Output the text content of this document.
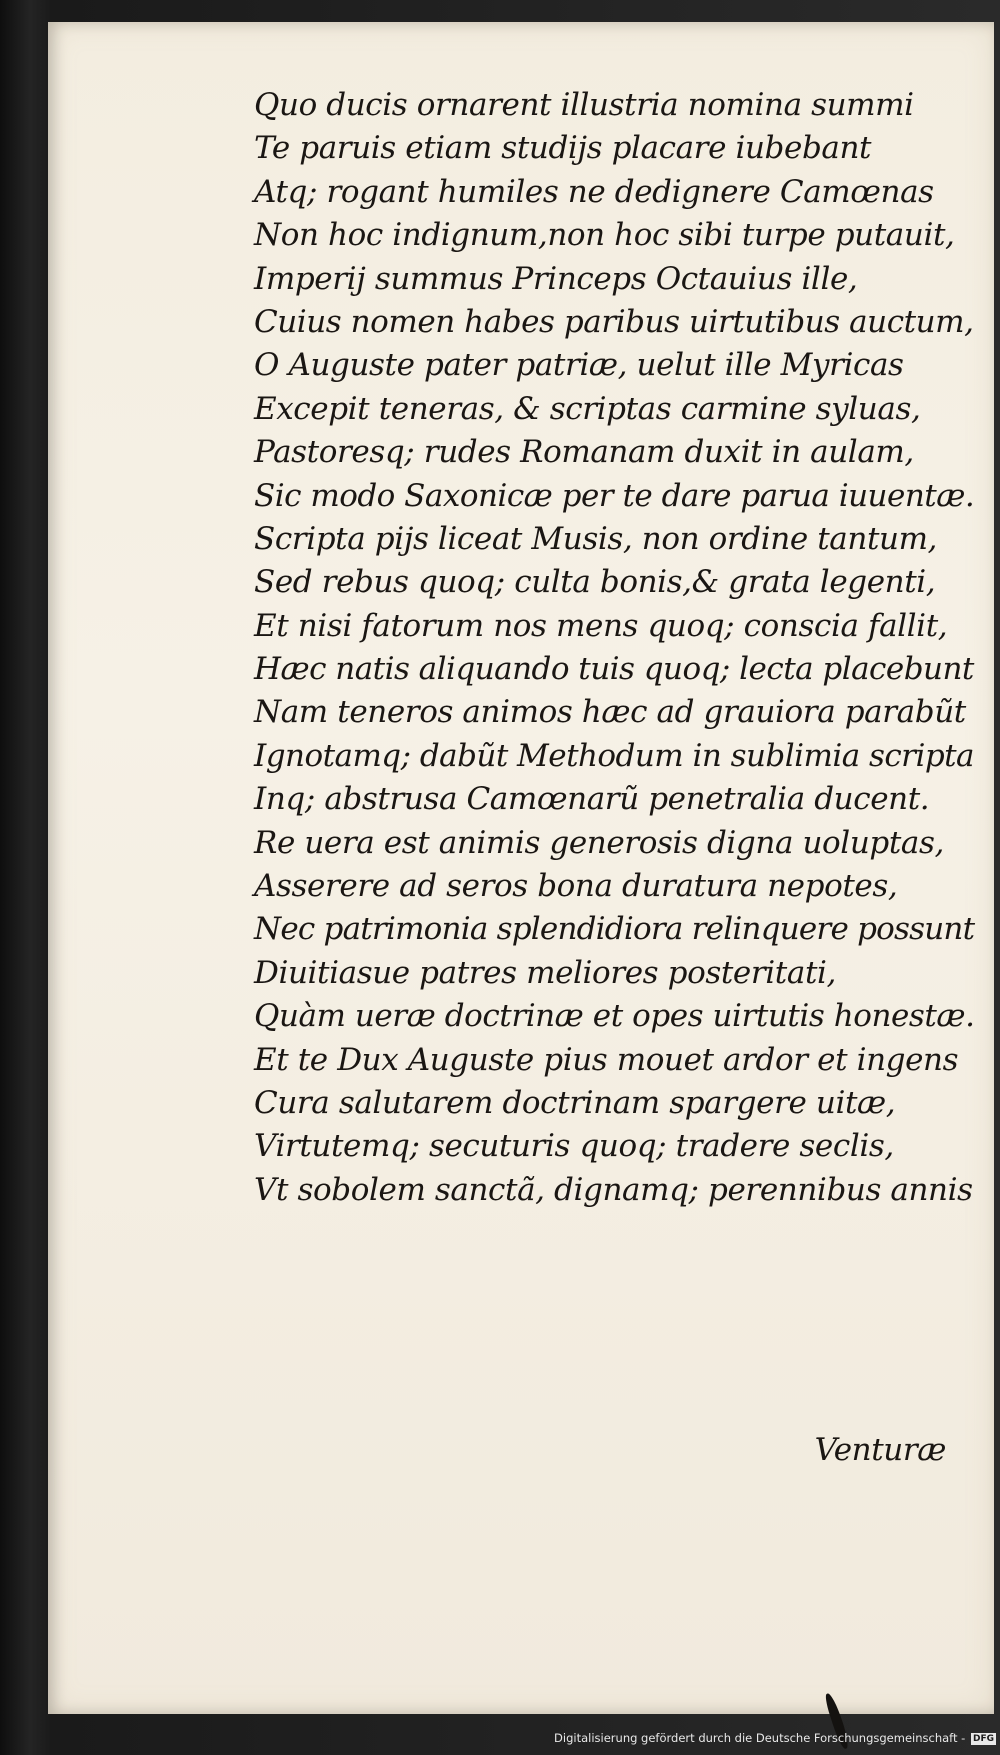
Quo ducis ornarent illustria nomina summi
Te paruis etiam studijs placare iubebant
Atq; rogant humiles ne dedignere Camœnas
Non hoc indignum,non hoc sibi turpe putauit,
Imperij summus Princeps Octauius ille,
Cuius nomen habes paribus uirtutibus auctum,
O Auguste pater patriæ, uelut ille Myricas
Excepit teneras, & scriptas carmine syluas,
Pastoresq; rudes Romanam duxit in aulam,
Sic modo Saxonicæ per te dare parua iuuentæ.
Scripta pijs liceat Musis, non ordine tantum,
Sed rebus quoq; culta bonis,& grata legenti,
Et nisi fatorum nos mens quoq; conscia fallit,
Hæc natis aliquando tuis quoq; lecta placebunt
Nam teneros animos hæc ad grauiora parabũt
Ignotamq; dabũt Methodum in sublimia scripta
Inq; abstrusa Camœnarũ penetralia ducent.
Re uera est animis generosis digna uoluptas,
Asserere ad seros bona duratura nepotes,
Nec patrimonia splendidiora relinquere possunt
Diuitiasue patres meliores posteritati,
Quàm ueræ doctrinæ et opes uirtutis honestæ.
Et te Dux Auguste pius mouet ardor et ingens
Cura salutarem doctrinam spargere uitæ,
Virtutemq; secuturis quoq; tradere seclis,
Vt sobolem sanctã, dignamq; perennibus annis
Venturæ
Digitalisierung gefördert durch die Deutsche Forschungsgemeinschaft - DFG
